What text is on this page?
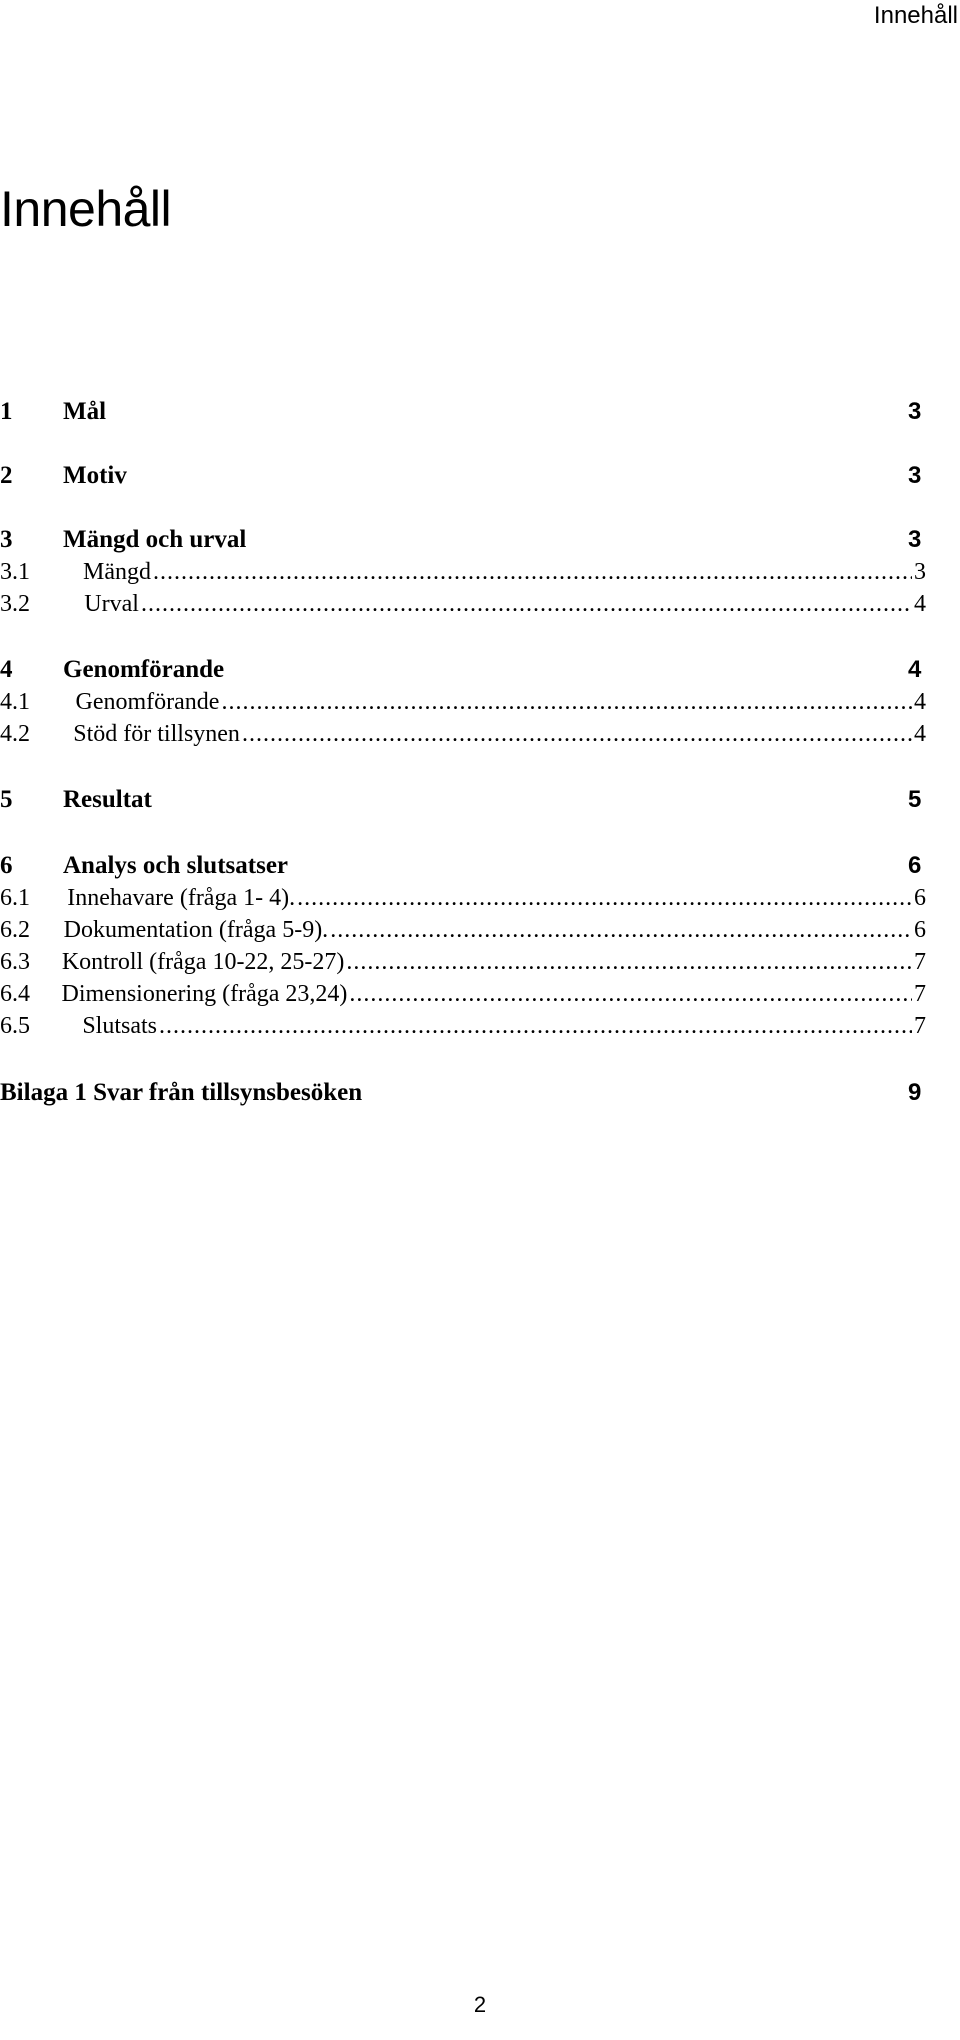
Innehåll
Innehåll
1	Mål	3
2	Motiv	3
3	Mängd och urval	3
3.1	Mängd .....	3
3.2	Urval .....	4
4	Genomförande	4
4.1	Genomförande .....	4
4.2	Stöd för tillsynen .....	4
5	Resultat	5
6	Analys och slutsatser	6
6.1	Innehavare (fråga 1- 4). .....	6
6.2	Dokumentation (fråga 5-9). .....	6
6.3	Kontroll (fråga 10-22, 25-27) .....	7
6.4	Dimensionering (fråga 23,24) .....	7
6.5	Slutsats .....	7
Bilaga 1 Svar från tillsynsbesöken	9
2
